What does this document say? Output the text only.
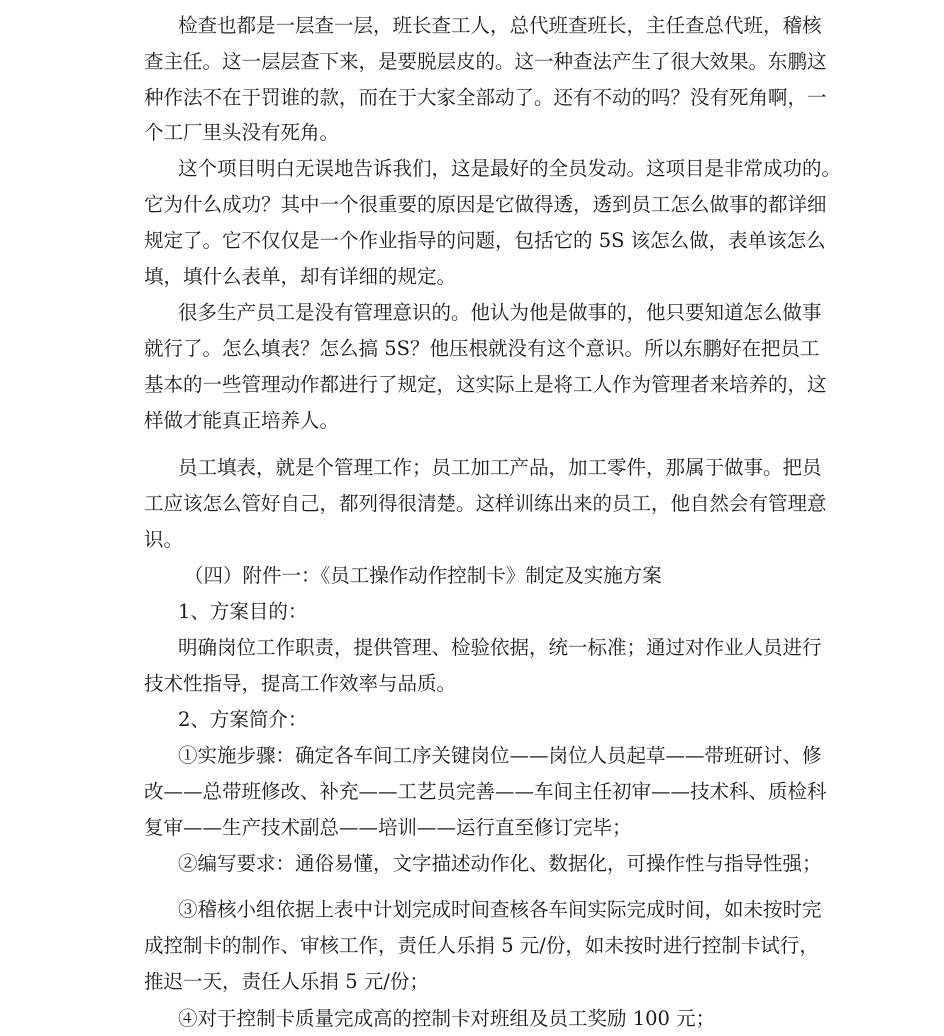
检查也都是一层查一层，班长查工人，总代班查班长，主任查总代班，稽核
查主任。这一层层查下来，是要脱层皮的。这一种查法产生了很大效果。东鹏这
种作法不在于罚谁的款，而在于大家全部动了。还有不动的吗？没有死角啊，一
个工厂里头没有死角。
这个项目明白无误地告诉我们，这是最好的全员发动。这项目是非常成功的。
它为什么成功？其中一个很重要的原因是它做得透，透到员工怎么做事的都详细
规定了。它不仅仅是一个作业指导的问题，包括它的 5S 该怎么做，表单该怎么
填，填什么表单，却有详细的规定。
很多生产员工是没有管理意识的。他认为他是做事的，他只要知道怎么做事
就行了。怎么填表？怎么搞 5S？他压根就没有这个意识。所以东鹏好在把员工
基本的一些管理动作都进行了规定，这实际上是将工人作为管理者来培养的，这
样做才能真正培养人。
员工填表，就是个管理工作；员工加工产品，加工零件，那属于做事。把员
工应该怎么管好自己，都列得很清楚。这样训练出来的员工，他自然会有管理意
识。
（四）附件一：《员工操作动作控制卡》制定及实施方案
1、方案目的：
明确岗位工作职责，提供管理、检验依据，统一标准；通过对作业人员进行
技术性指导，提高工作效率与品质。
2、方案简介：
①实施步骤：确定各车间工序关键岗位——岗位人员起草——带班研讨、修
改——总带班修改、补充——工艺员完善——车间主任初审——技术科、质检科
复审——生产技术副总——培训——运行直至修订完毕；
②编写要求：通俗易懂，文字描述动作化、数据化，可操作性与指导性强；
③稽核小组依据上表中计划完成时间查核各车间实际完成时间，如未按时完
成控制卡的制作、审核工作，责任人乐捐 5 元/份，如未按时进行控制卡试行，
推迟一天，责任人乐捐 5 元/份；
④对于控制卡质量完成高的控制卡对班组及员工奖励 100 元；
